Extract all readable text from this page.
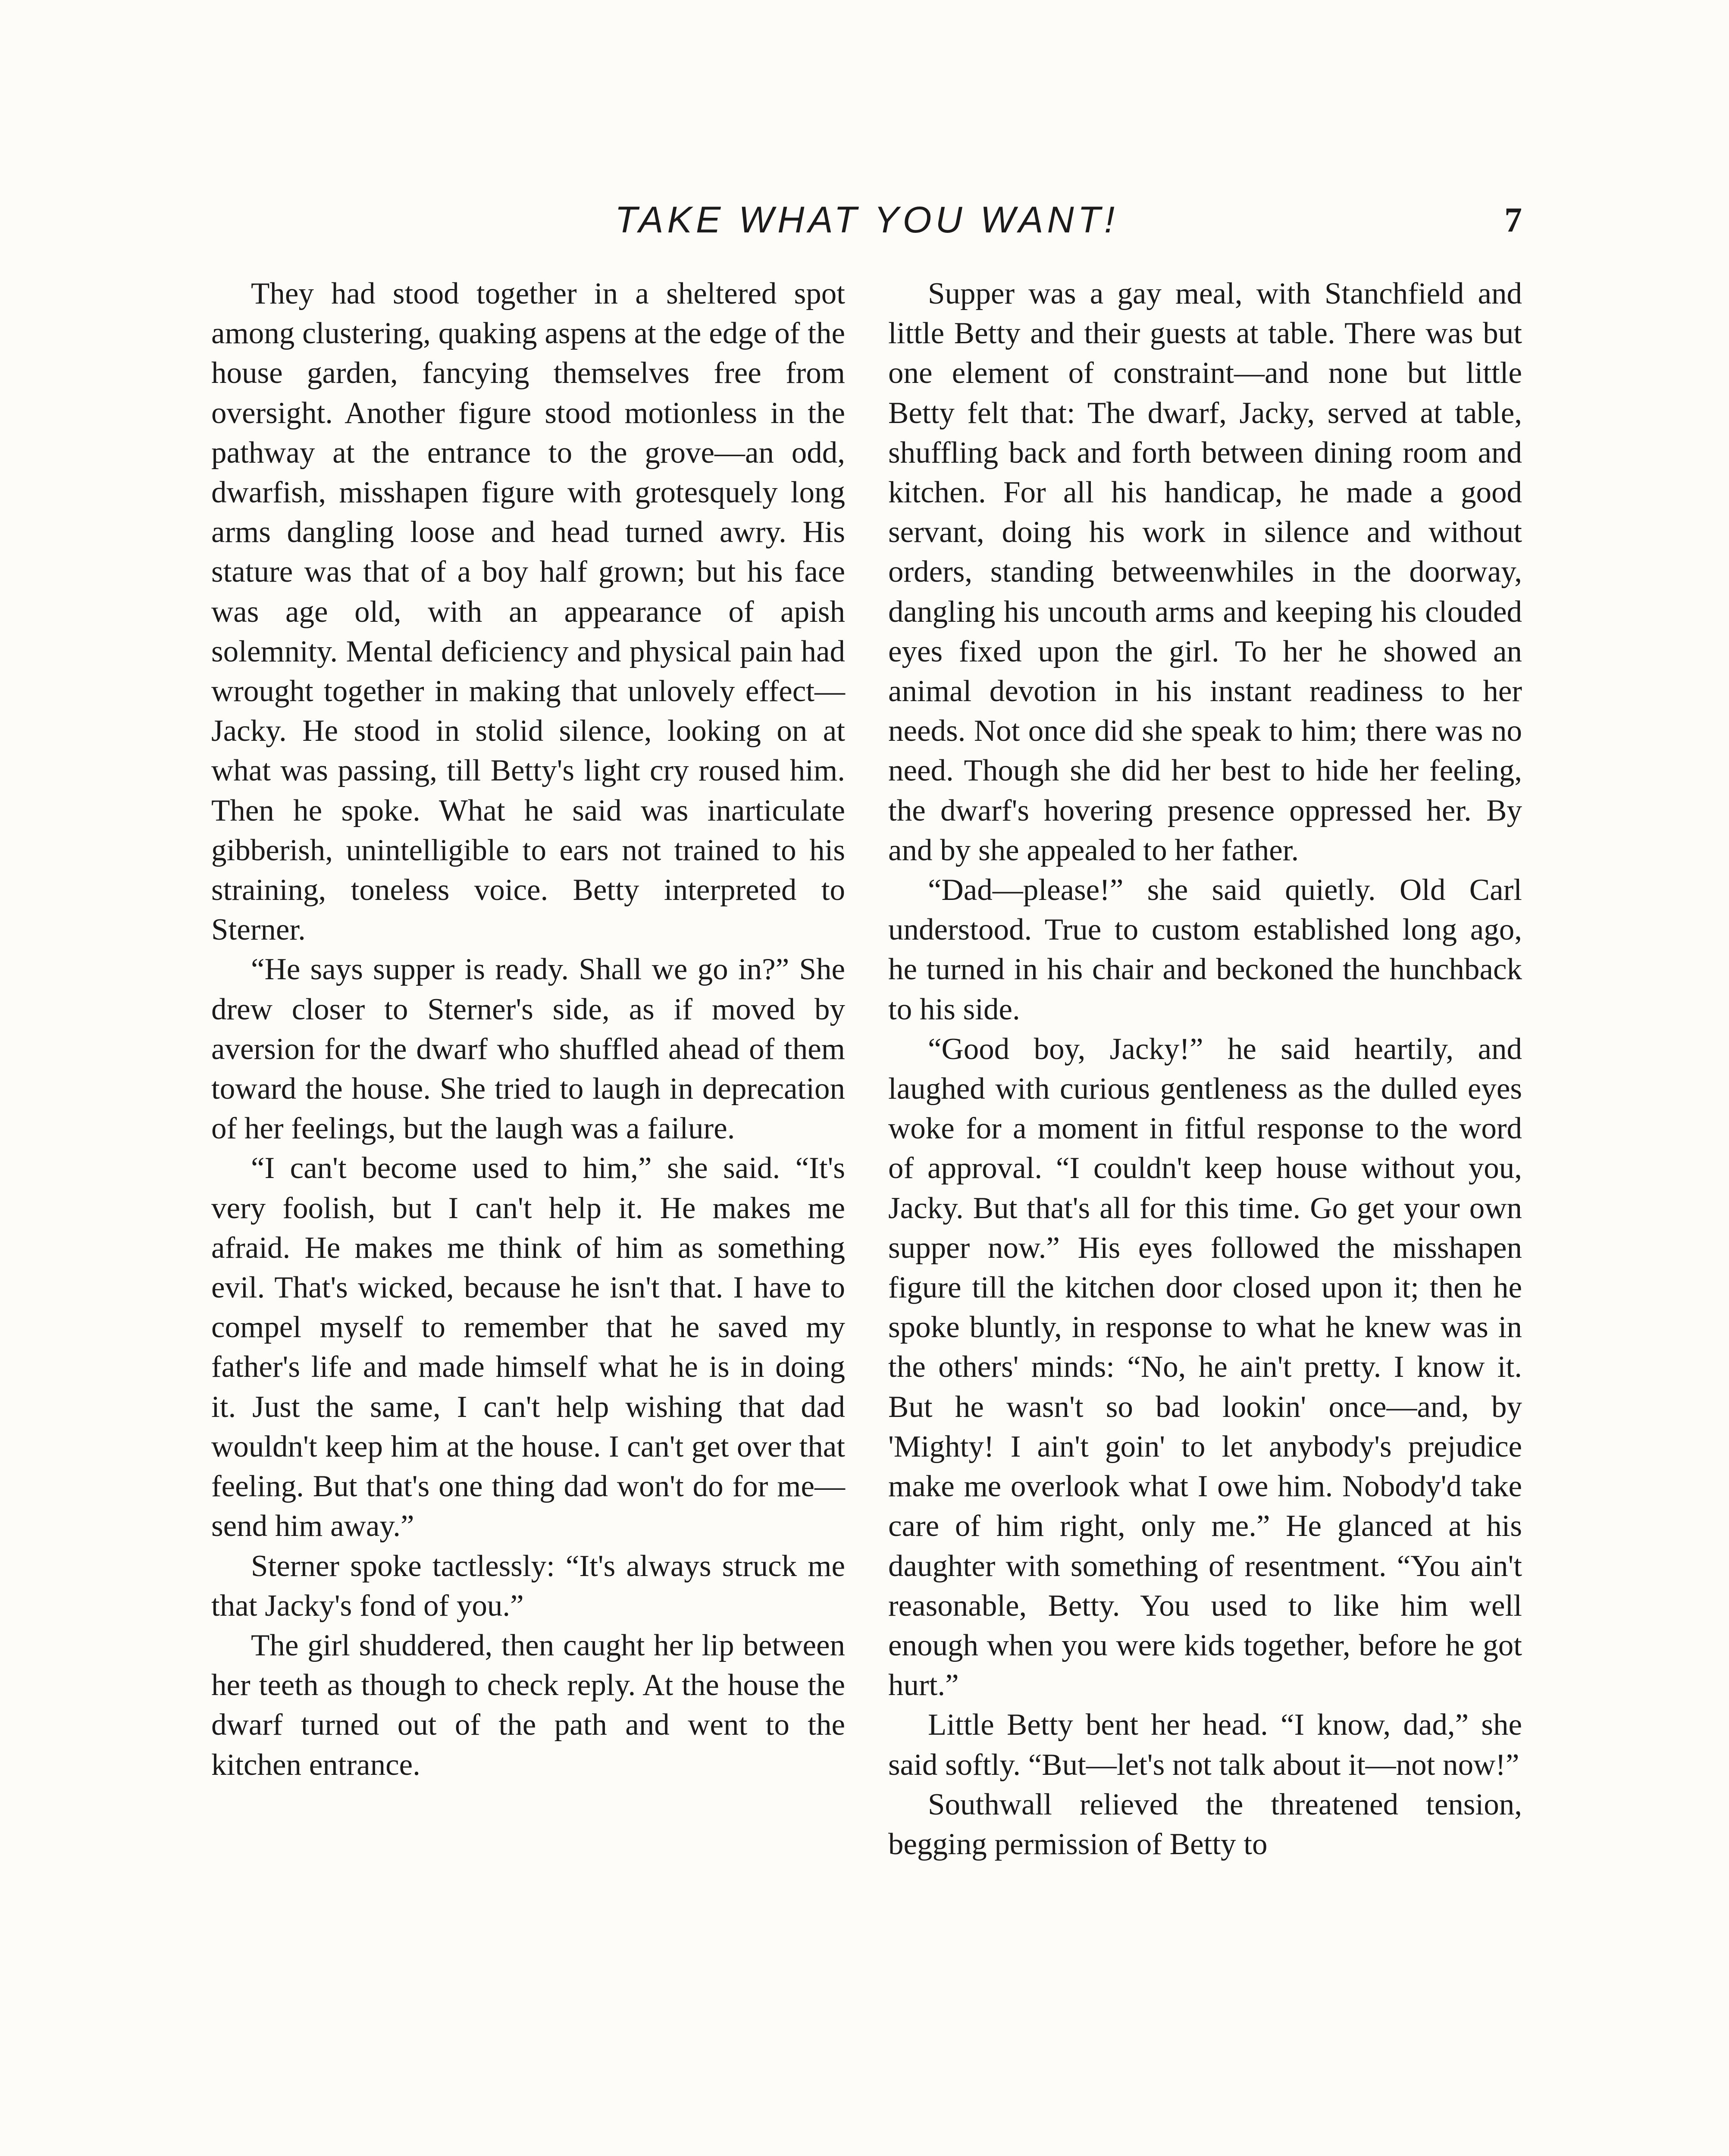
TAKE WHAT YOU WANT!	7

They had stood together in a sheltered spot among clustering, quaking aspens at the edge of the house garden, fancying themselves free from oversight. Another figure stood motionless in the pathway at the entrance to the grove—an odd, dwarfish, misshapen figure with grotesquely long arms dangling loose and head turned awry. His stature was that of a boy half grown; but his face was age old, with an appearance of apish solemnity. Mental deficiency and physical pain had wrought together in making that unlovely effect—Jacky. He stood in stolid silence, looking on at what was passing, till Betty's light cry roused him. Then he spoke. What he said was inarticulate gibberish, unintelligible to ears not trained to his straining, toneless voice. Betty interpreted to Sterner.

“He says supper is ready. Shall we go in?” She drew closer to Sterner's side, as if moved by aversion for the dwarf who shuffled ahead of them toward the house. She tried to laugh in deprecation of her feelings, but the laugh was a failure.

“I can't become used to him,” she said. “It's very foolish, but I can't help it. He makes me afraid. He makes me think of him as something evil. That's wicked, because he isn't that. I have to compel myself to remember that he saved my father's life and made himself what he is in doing it. Just the same, I can't help wishing that dad wouldn't keep him at the house. I can't get over that feeling. But that's one thing dad won't do for me—send him away.”

Sterner spoke tactlessly: “It's always struck me that Jacky's fond of you.”

The girl shuddered, then caught her lip between her teeth as though to check reply. At the house the dwarf turned out of the path and went to the kitchen entrance.

Supper was a gay meal, with Stanchfield and little Betty and their guests at table. There was but one element of constraint—and none but little Betty felt that: The dwarf, Jacky, served at table, shuffling back and forth between dining room and kitchen. For all his handicap, he made a good servant, doing his work in silence and without orders, standing betweenwhiles in the doorway, dangling his uncouth arms and keeping his clouded eyes fixed upon the girl. To her he showed an animal devotion in his instant readiness to her needs. Not once did she speak to him; there was no need. Though she did her best to hide her feeling, the dwarf's hovering presence oppressed her. By and by she appealed to her father.

“Dad—please!” she said quietly. Old Carl understood. True to custom established long ago, he turned in his chair and beckoned the hunchback to his side.

“Good boy, Jacky!” he said heartily, and laughed with curious gentleness as the dulled eyes woke for a moment in fitful response to the word of approval. “I couldn't keep house without you, Jacky. But that's all for this time. Go get your own supper now.” His eyes followed the misshapen figure till the kitchen door closed upon it; then he spoke bluntly, in response to what he knew was in the others' minds: “No, he ain't pretty. I know it. But he wasn't so bad lookin' once—and, by 'Mighty! I ain't goin' to let anybody's prejudice make me overlook what I owe him. Nobody'd take care of him right, only me.” He glanced at his daughter with something of resentment. “You ain't reasonable, Betty. You used to like him well enough when you were kids together, before he got hurt.”

Little Betty bent her head. “I know, dad,” she said softly. “But—let's not talk about it—not now!”

Southwall relieved the threatened tension, begging permission of Betty to
